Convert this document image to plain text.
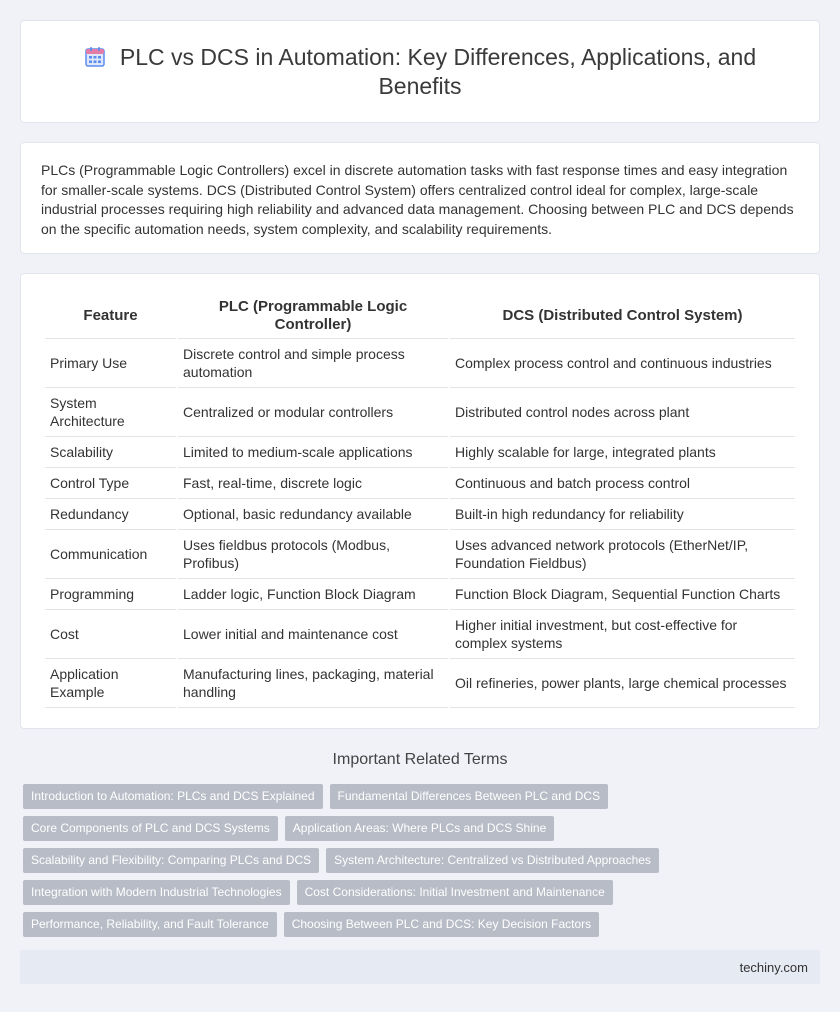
PLC vs DCS in Automation: Key Differences, Applications, and Benefits

PLCs (Programmable Logic Controllers) excel in discrete automation tasks with fast response times and easy integration for smaller-scale systems. DCS (Distributed Control System) offers centralized control ideal for complex, large-scale industrial processes requiring high reliability and advanced data management. Choosing between PLC and DCS depends on the specific automation needs, system complexity, and scalability requirements.

Feature	PLC (Programmable Logic Controller)	DCS (Distributed Control System)
Primary Use	Discrete control and simple process automation	Complex process control and continuous industries
System Architecture	Centralized or modular controllers	Distributed control nodes across plant
Scalability	Limited to medium-scale applications	Highly scalable for large, integrated plants
Control Type	Fast, real-time, discrete logic	Continuous and batch process control
Redundancy	Optional, basic redundancy available	Built-in high redundancy for reliability
Communication	Uses fieldbus protocols (Modbus, Profibus)	Uses advanced network protocols (EtherNet/IP, Foundation Fieldbus)
Programming	Ladder logic, Function Block Diagram	Function Block Diagram, Sequential Function Charts
Cost	Lower initial and maintenance cost	Higher initial investment, but cost-effective for complex systems
Application Example	Manufacturing lines, packaging, material handling	Oil refineries, power plants, large chemical processes
Important Related Terms
Introduction to Automation: PLCs and DCS Explained	Fundamental Differences Between PLC and DCS
Core Components of PLC and DCS Systems	Application Areas: Where PLCs and DCS Shine
Scalability and Flexibility: Comparing PLCs and DCS	System Architecture: Centralized vs Distributed Approaches
Integration with Modern Industrial Technologies	Cost Considerations: Initial Investment and Maintenance
Performance, Reliability, and Fault Tolerance	Choosing Between PLC and DCS: Key Decision Factors
techiny.com
